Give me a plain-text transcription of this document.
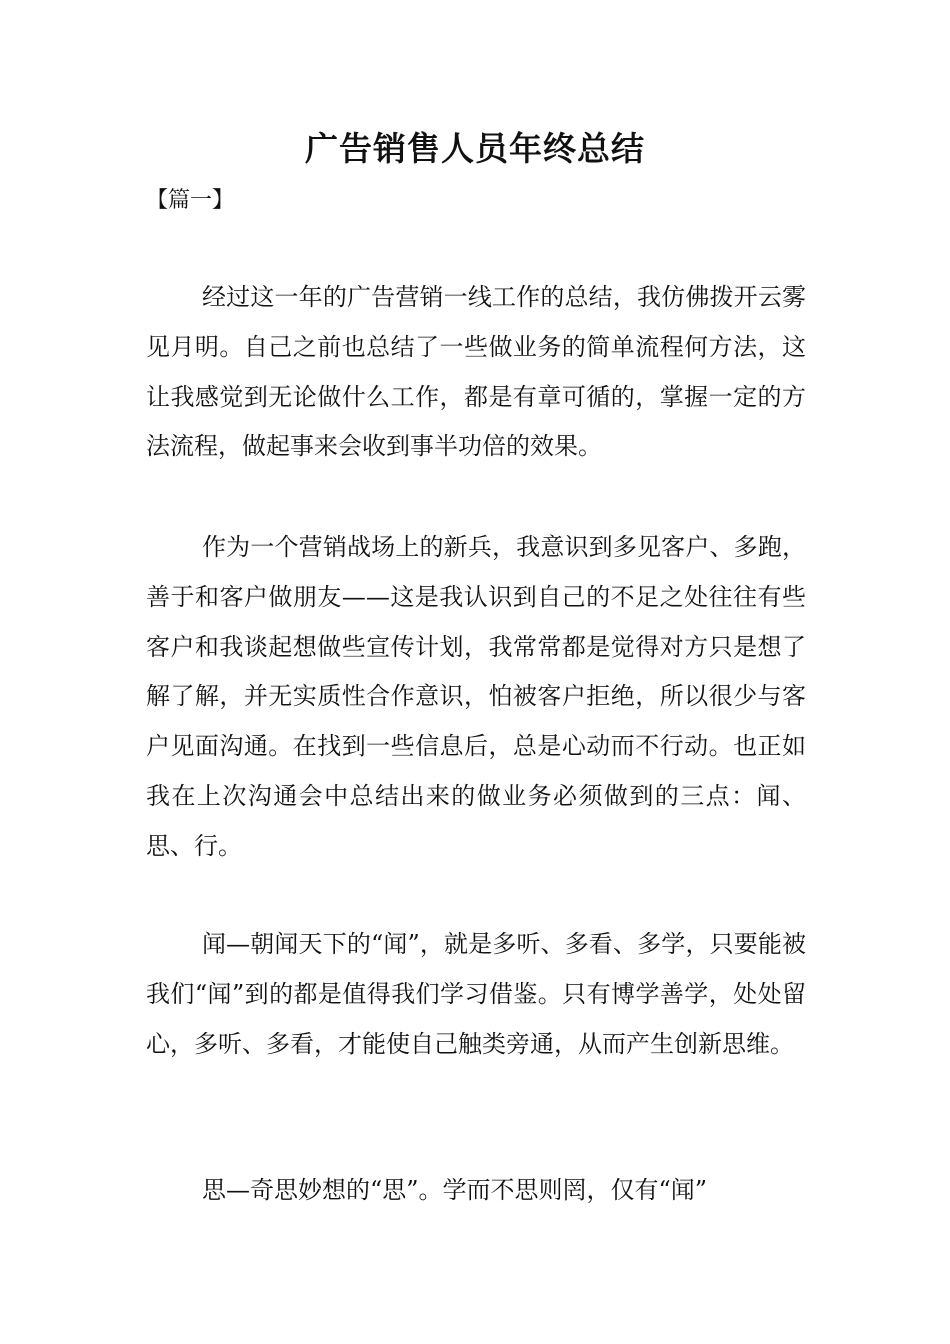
广告销售人员年终总结
【篇一】

经过这一年的广告营销一线工作的总结，我仿佛拨开云雾见月明。自己之前也总结了一些做业务的简单流程何方法，这让我感觉到无论做什么工作，都是有章可循的，掌握一定的方法流程，做起事来会收到事半功倍的效果。

作为一个营销战场上的新兵，我意识到多见客户、多跑，善于和客户做朋友——这是我认识到自己的不足之处往往有些客户和我谈起想做些宣传计划，我常常都是觉得对方只是想了解了解，并无实质性合作意识，怕被客户拒绝，所以很少与客户见面沟通。在找到一些信息后，总是心动而不行动。也正如我在上次沟通会中总结出来的做业务必须做到的三点：闻、思、行。

闻—朝闻天下的“闻”，就是多听、多看、多学，只要能被我们“闻”到的都是值得我们学习借鉴。只有博学善学，处处留心，多听、多看，才能使自己触类旁通，从而产生创新思维。

思—奇思妙想的“思”。学而不思则罔，仅有“闻”
